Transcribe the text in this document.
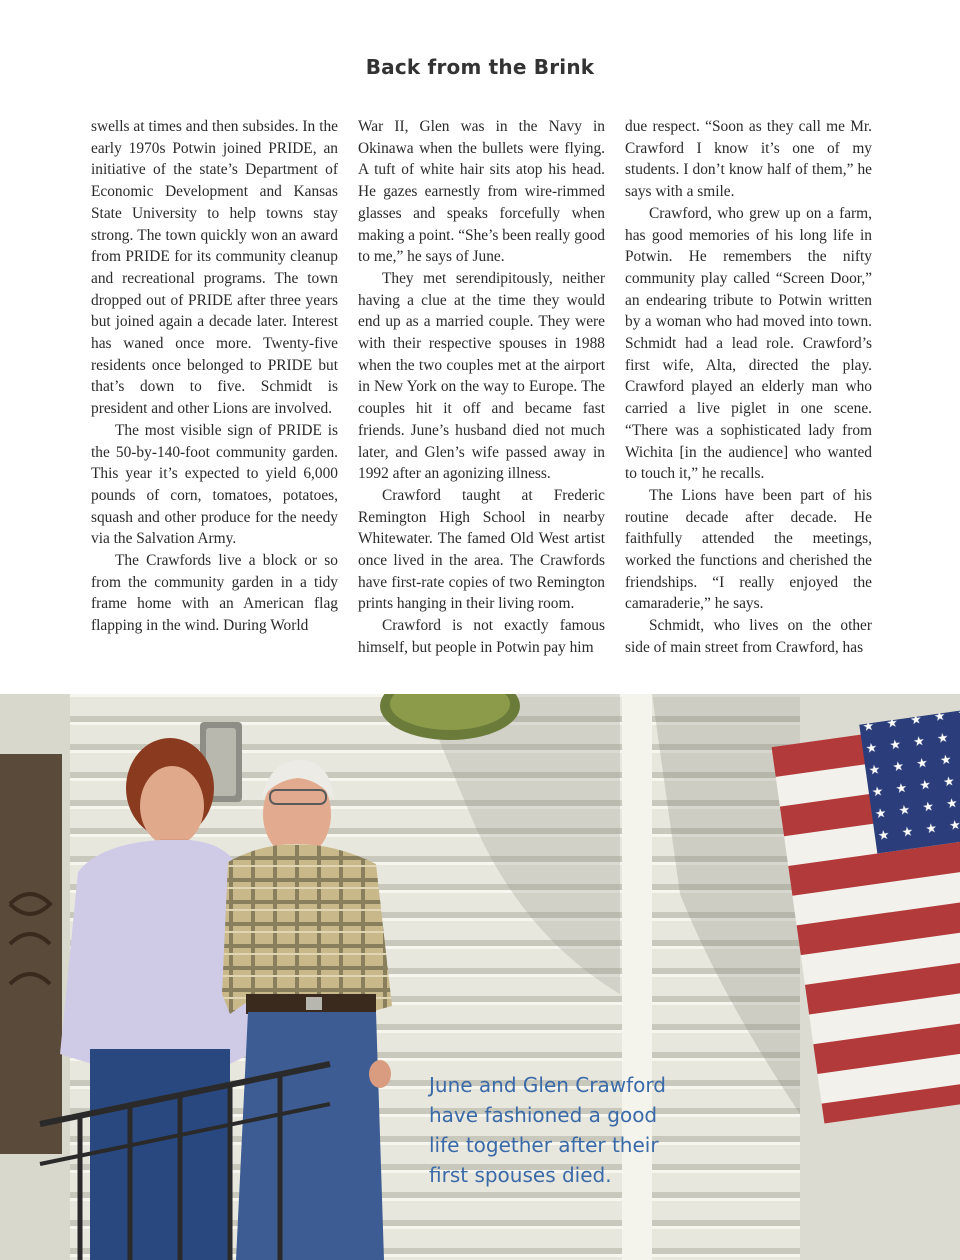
Back from the Brink

swells at times and then subsides. In the early 1970s Potwin joined PRIDE, an initiative of the state’s Department of Economic Development and Kansas State University to help towns stay strong. The town quickly won an award from PRIDE for its community cleanup and recreational programs. The town dropped out of PRIDE after three years but joined again a decade later. Interest has waned once more. Twenty-five residents once belonged to PRIDE but that’s down to five. Schmidt is president and other Lions are involved.

The most visible sign of PRIDE is the 50-by-140-foot community garden. This year it’s expected to yield 6,000 pounds of corn, tomatoes, potatoes, squash and other produce for the needy via the Salvation Army.

The Crawfords live a block or so from the community garden in a tidy frame home with an American flag flapping in the wind. During World

War II, Glen was in the Navy in Okinawa when the bullets were flying. A tuft of white hair sits atop his head. He gazes earnestly from wire-rimmed glasses and speaks forcefully when making a point. “She’s been really good to me,” he says of June.

They met serendipitously, neither having a clue at the time they would end up as a married couple. They were with their respective spouses in 1988 when the two couples met at the airport in New York on the way to Europe. The couples hit it off and became fast friends. June’s husband died not much later, and Glen’s wife passed away in 1992 after an agonizing illness.

Crawford taught at Frederic Remington High School in nearby Whitewater. The famed Old West artist once lived in the area. The Crawfords have first-rate copies of two Remington prints hanging in their living room.

Crawford is not exactly famous himself, but people in Potwin pay him

due respect. “Soon as they call me Mr. Crawford I know it’s one of my students. I don’t know half of them,” he says with a smile.

Crawford, who grew up on a farm, has good memories of his long life in Potwin. He remembers the nifty community play called “Screen Door,” an endearing tribute to Potwin written by a woman who had moved into town. Schmidt had a lead role. Crawford’s first wife, Alta, directed the play. Crawford played an elderly man who carried a live piglet in one scene. “There was a sophisticated lady from Wichita [in the audience] who wanted to touch it,” he recalls.

The Lions have been part of his routine decade after decade. He faithfully attended the meetings, worked the functions and cherished the friendships. “I really enjoyed the camaraderie,” he says.

Schmidt, who lives on the other side of main street from Crawford, has

June and Glen Crawford
have fashioned a good
life together after their
first spouses died.
